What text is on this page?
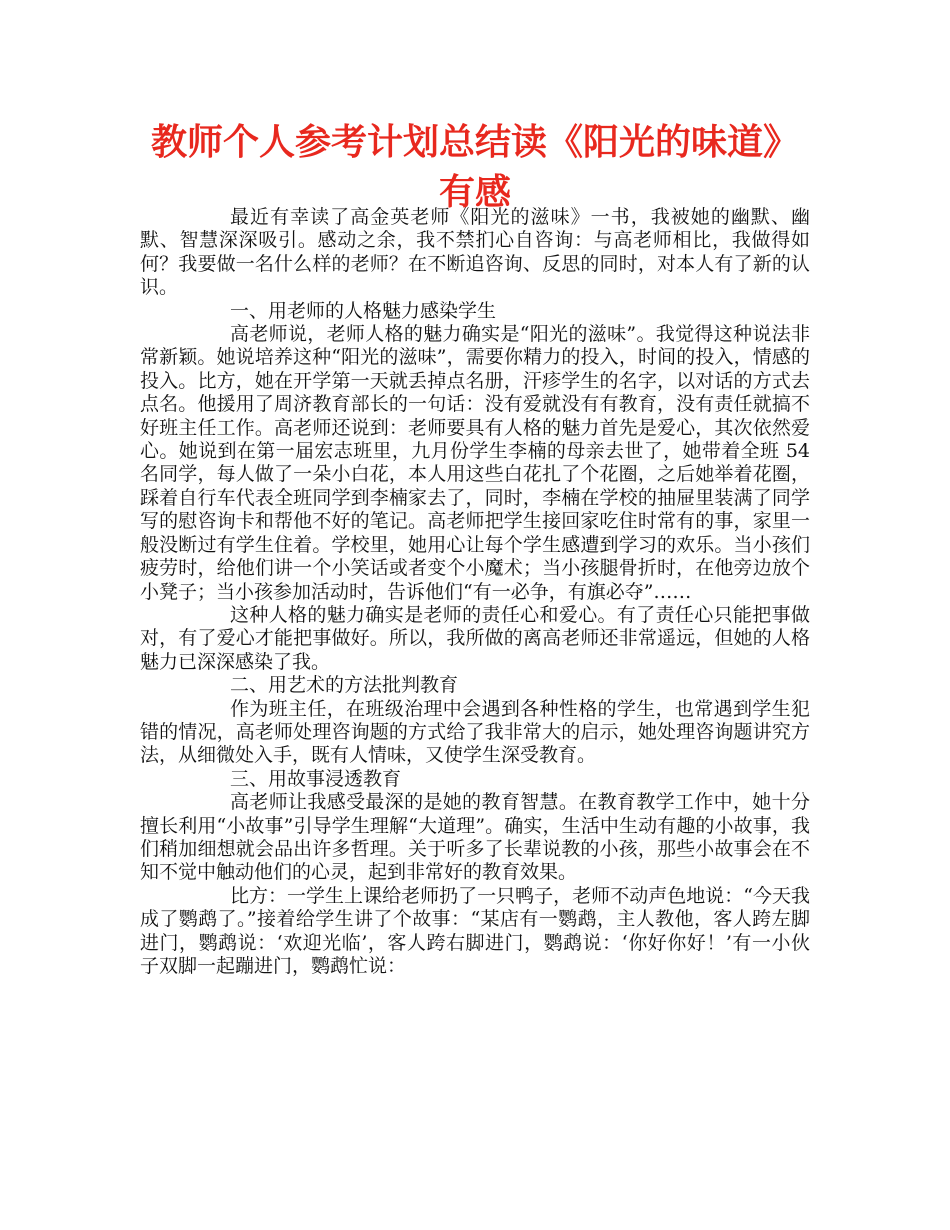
教师个人参考计划总结读《阳光的味道》
有感

最近有幸读了高金英老师《阳光的滋味》一书，我被她的幽默、幽默、智慧深深吸引。感动之余，我不禁扪心自咨询：与高老师相比，我做得如何？我要做一名什么样的老师？在不断追咨询、反思的同时，对本人有了新的认识。

一、用老师的人格魅力感染学生

高老师说，老师人格的魅力确实是“阳光的滋味”。我觉得这种说法非常新颖。她说培养这种“阳光的滋味”，需要你精力的投入，时间的投入，情感的投入。比方，她在开学第一天就丢掉点名册，汗疹学生的名字，以对话的方式去点名。他援用了周济教育部长的一句话：没有爱就没有有教育，没有责任就搞不好班主任工作。高老师还说到：老师要具有人格的魅力首先是爱心，其次依然爱心。她说到在第一届宏志班里，九月份学生李楠的母亲去世了，她带着全班 54 名同学，每人做了一朵小白花，本人用这些白花扎了个花圈，之后她举着花圈，踩着自行车代表全班同学到李楠家去了，同时，李楠在学校的抽屉里装满了同学写的慰咨询卡和帮他不好的笔记。高老师把学生接回家吃住时常有的事，家里一般没断过有学生住着。学校里，她用心让每个学生感遭到学习的欢乐。当小孩们疲劳时，给他们讲一个小笑话或者变个小魔术；当小孩腿骨折时，在他旁边放个小凳子；当小孩参加活动时，告诉他们“有一必争，有旗必夺”……

这种人格的魅力确实是老师的责任心和爱心。有了责任心只能把事做对，有了爱心才能把事做好。所以，我所做的离高老师还非常遥远，但她的人格魅力已深深感染了我。

二、用艺术的方法批判教育

作为班主任，在班级治理中会遇到各种性格的学生，也常遇到学生犯错的情况，高老师处理咨询题的方式给了我非常大的启示，她处理咨询题讲究方法，从细微处入手，既有人情味，又使学生深受教育。

三、用故事浸透教育

高老师让我感受最深的是她的教育智慧。在教育教学工作中，她十分擅长利用“小故事”引导学生理解“大道理”。确实，生活中生动有趣的小故事，我们稍加细想就会品出许多哲理。关于听多了长辈说教的小孩，那些小故事会在不知不觉中触动他们的心灵，起到非常好的教育效果。

比方：一学生上课给老师扔了一只鸭子，老师不动声色地说：“今天我成了鹦鹉了。”接着给学生讲了个故事：“某店有一鹦鹉，主人教他，客人跨左脚进门，鹦鹉说：‘欢迎光临’，客人跨右脚进门，鹦鹉说：‘你好你好！’有一小伙子双脚一起蹦进门，鹦鹉忙说：
